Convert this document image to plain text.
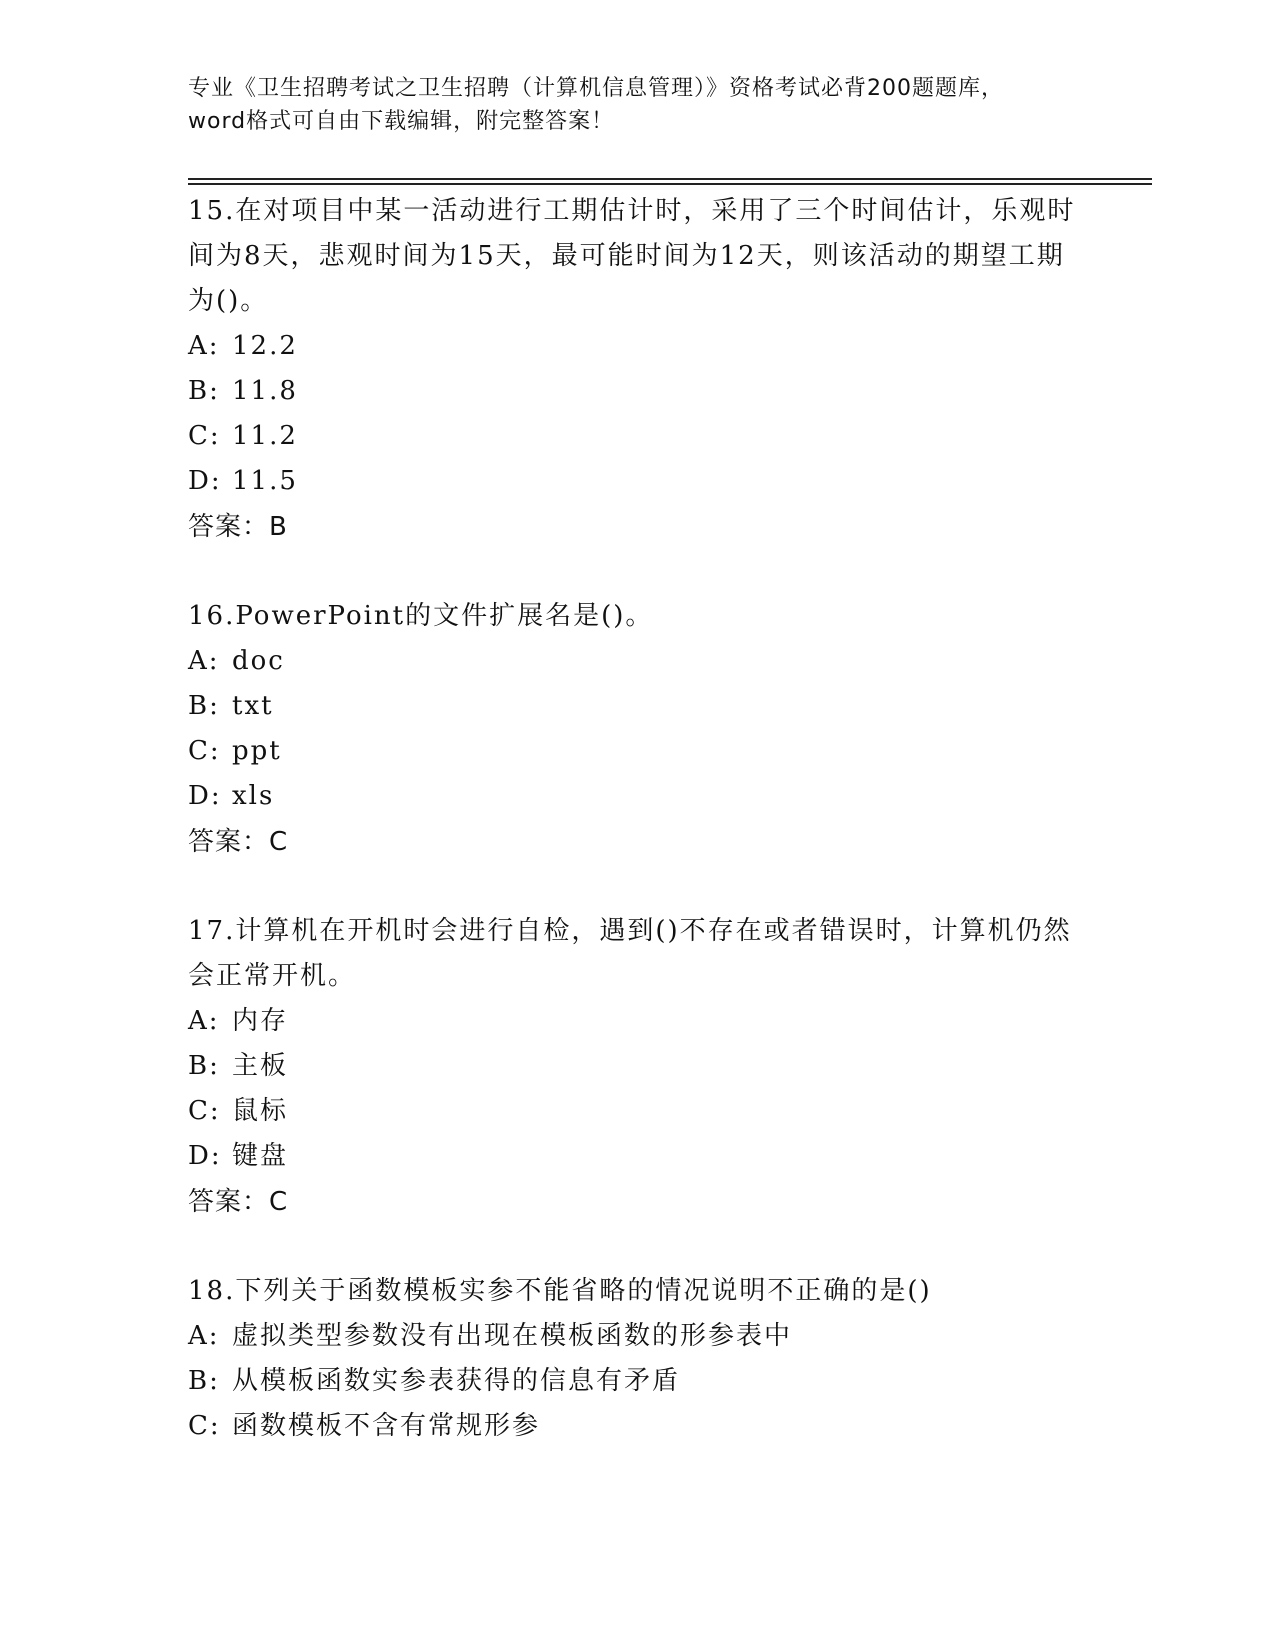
专业《卫生招聘考试之卫生招聘（计算机信息管理）》资格考试必背200题题库，
word格式可自由下载编辑，附完整答案！

15.在对项目中某一活动进行工期估计时，采用了三个时间估计，乐观时间为8天，悲观时间为15天，最可能时间为12天，则该活动的期望工期为()。

A: 12.2
B: 11.8
C: 11.2
D: 11.5

答案：B

16.PowerPoint的文件扩展名是()。

A: doc
B: txt
C: ppt
D: xls

答案：C

17.计算机在开机时会进行自检，遇到()不存在或者错误时，计算机仍然会正常开机。

A: 内存
B: 主板
C: 鼠标
D: 键盘

答案：C

18.下列关于函数模板实参不能省略的情况说明不正确的是()

A: 虚拟类型参数没有出现在模板函数的形参表中
B: 从模板函数实参表获得的信息有矛盾
C: 函数模板不含有常规形参
